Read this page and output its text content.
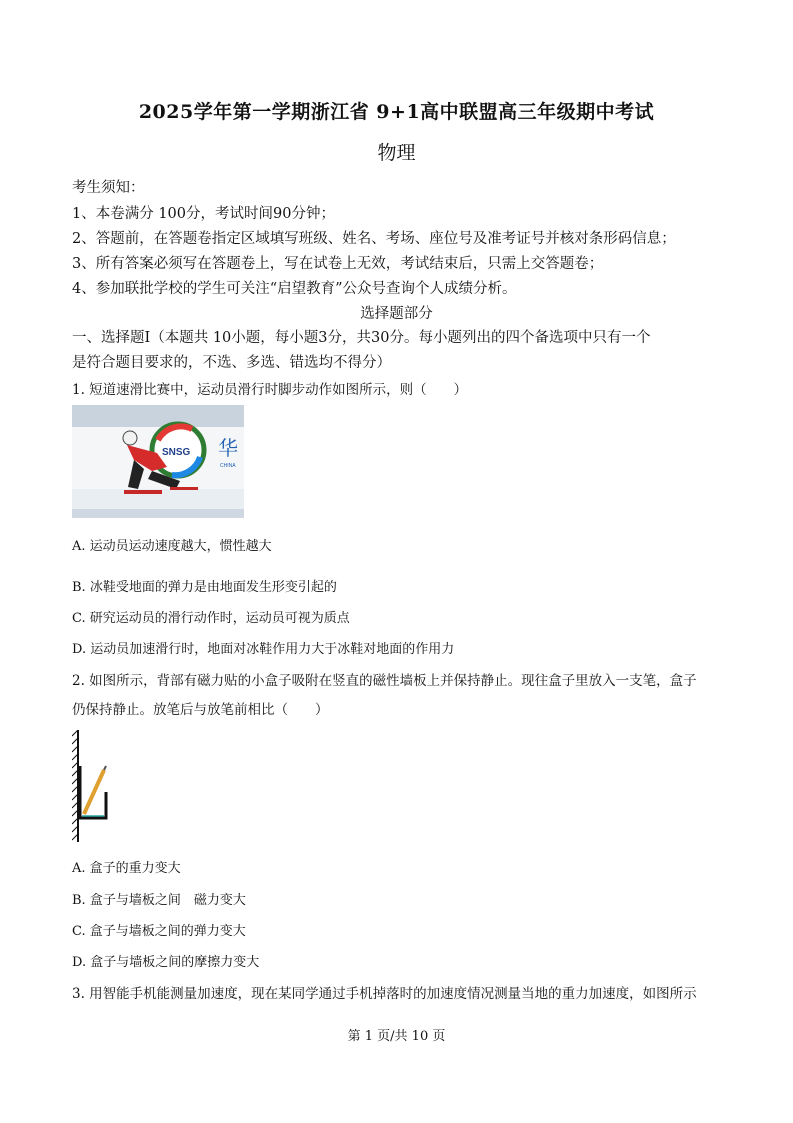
2025学年第一学期浙江省 9+1高中联盟高三年级期中考试
物理
考生须知：
1、本卷满分 100分，考试时间90分钟；
2、答题前，在答题卷指定区域填写班级、姓名、考场、座位号及准考证号并核对条形码信息；
3、所有答案必须写在答题卷上，写在试卷上无效，考试结束后，只需上交答题卷；
4、参加联批学校的学生可关注“启望教育”公众号查询个人成绩分析。
选择题部分
一、选择题Ⅰ（本题共 10小题，每小题3分，共30分。每小题列出的四个备选项中只有一个
是符合题目要求的，不选、多选、错选均不得分）
1. 短道速滑比赛中，运动员滑行时脚步动作如图所示，则（　　）
SNSG 华
CHINA
A. 运动员运动速度越大，惯性越大
B. 冰鞋受地面的弹力是由地面发生形变引起的
C. 研究运动员的滑行动作时，运动员可视为质点
D. 运动员加速滑行时，地面对冰鞋作用力大于冰鞋对地面的作用力
2. 如图所示，背部有磁力贴的小盒子吸附在竖直的磁性墙板上并保持静止。现往盒子里放入一支笔，盒子
仍保持静止。放笔后与放笔前相比（　　）
A. 盒子的重力变大
B. 盒子与墙板之间　磁力变大
C. 盒子与墙板之间的弹力变大
D. 盒子与墙板之间的摩擦力变大
3. 用智能手机能测量加速度，现在某同学通过手机掉落时的加速度情况测量当地的重力加速度，如图所示
第 1 页/共 10 页
